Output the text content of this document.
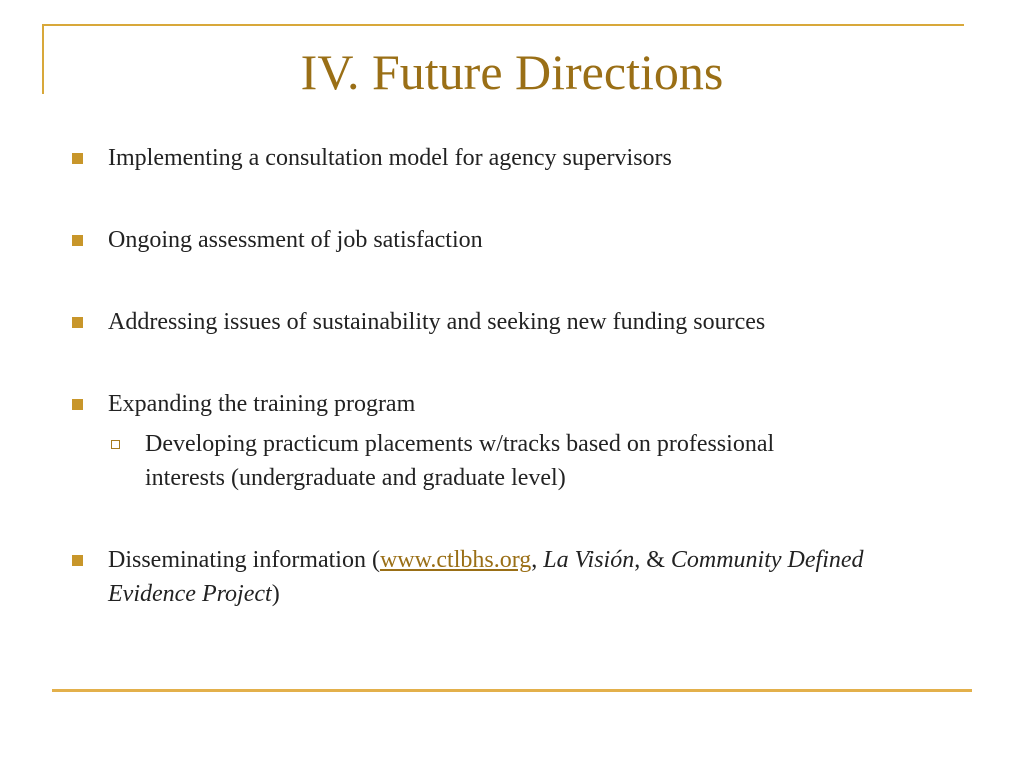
IV. Future Directions
Implementing a consultation model for agency supervisors
Ongoing assessment of job satisfaction
Addressing issues of sustainability and seeking new funding sources
Expanding the training program
Developing practicum placements w/tracks based on professional
interests (undergraduate and graduate level)
Disseminating information (www.ctlbhs.org, La Visión, & Community Defined
Evidence Project)
